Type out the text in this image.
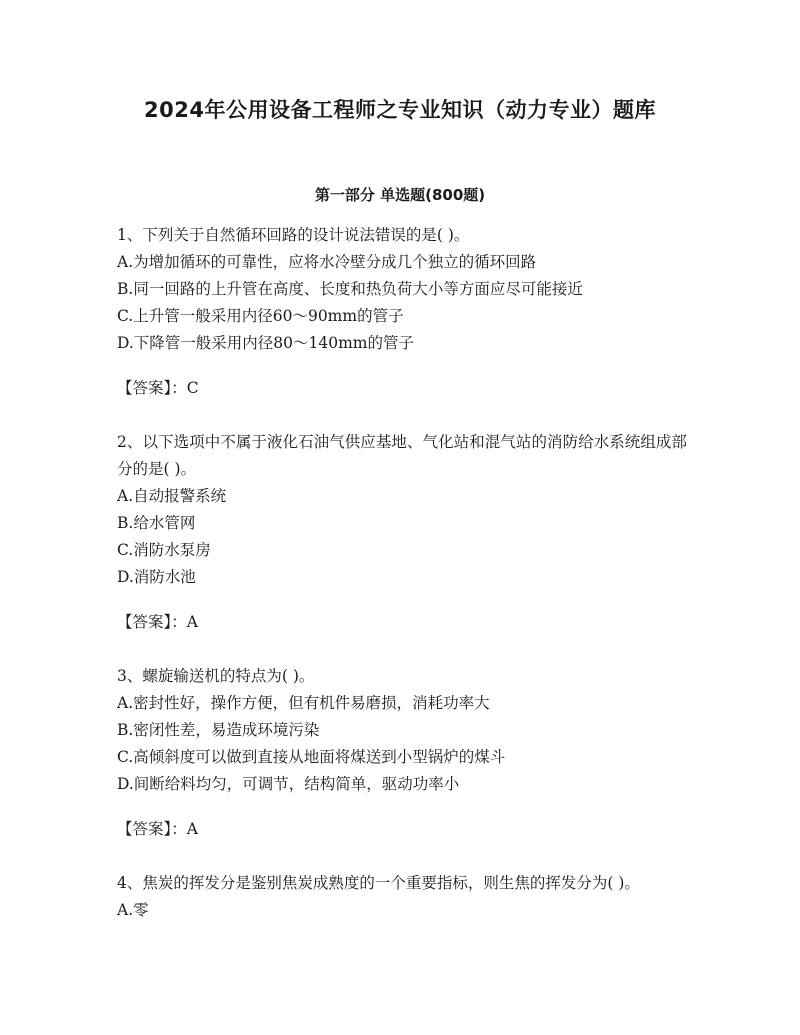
2024年公用设备工程师之专业知识（动力专业）题库
第一部分 单选题(800题)

1、下列关于自然循环回路的设计说法错误的是( )。

A.为增加循环的可靠性，应将水冷壁分成几个独立的循环回路

B.同一回路的上升管在高度、长度和热负荷大小等方面应尽可能接近

C.上升管一般采用内径60～90mm的管子

D.下降管一般采用内径80～140mm的管子

【答案】：C

2、以下选项中不属于液化石油气供应基地、气化站和混气站的消防给水系统组成部分的是( )。

A.自动报警系统

B.给水管网

C.消防水泵房

D.消防水池

【答案】：A

3、螺旋输送机的特点为( )。

A.密封性好，操作方便，但有机件易磨损，消耗功率大

B.密闭性差，易造成环境污染

C.高倾斜度可以做到直接从地面将煤送到小型锅炉的煤斗

D.间断给料均匀，可调节，结构简单，驱动功率小

【答案】：A

4、焦炭的挥发分是鉴别焦炭成熟度的一个重要指标，则生焦的挥发分为( )。

A.零
